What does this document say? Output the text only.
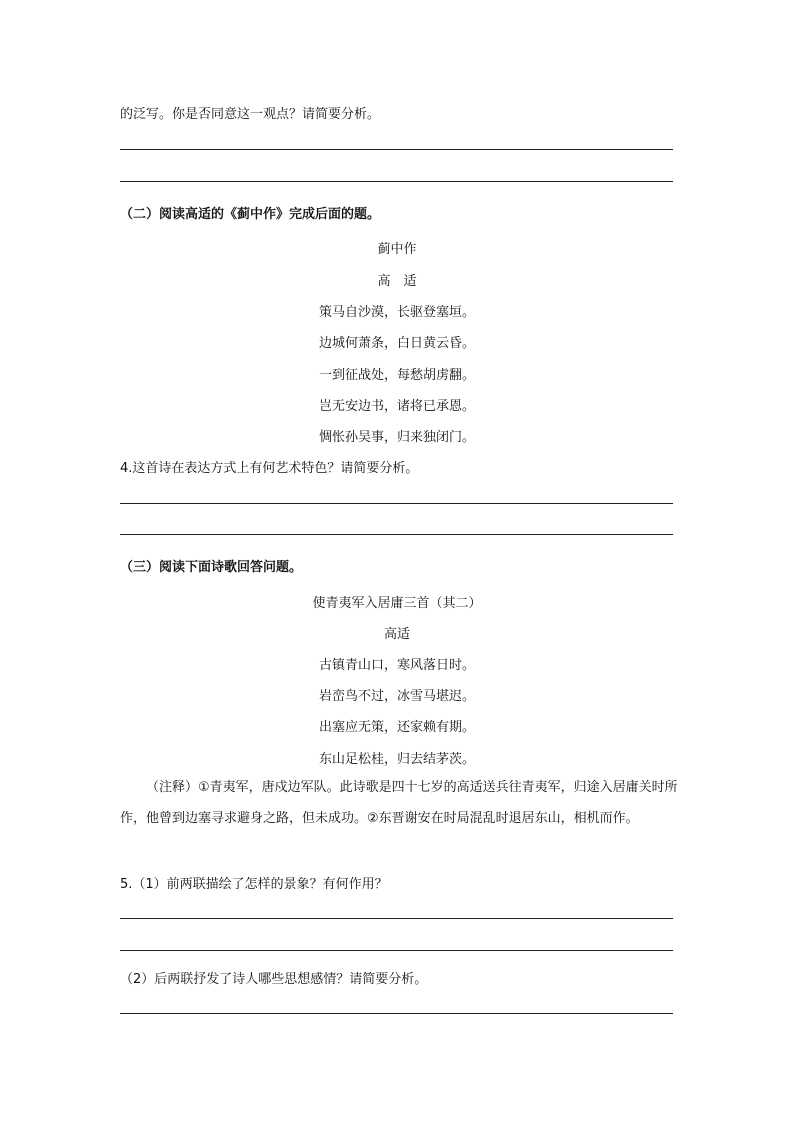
的泛写。你是否同意这一观点？请简要分析。
（二）阅读高适的《蓟中作》完成后面的题。
蓟中作
高　适
策马自沙漠，长驱登塞垣。
边城何萧条，白日黄云昏。
一到征战处，每愁胡虏翻。
岂无安边书，诸将已承恩。
惆怅孙吴事，归来独闭门。
4.这首诗在表达方式上有何艺术特色？请简要分析。
（三）阅读下面诗歌回答问题。
使青夷军入居庸三首（其二）
高适
古镇青山口，寒风落日时。
岩峦鸟不过，冰雪马堪迟。
出塞应无策，还家赖有期。
东山足松桂，归去结茅茨。
（注释）①青夷军，唐戍边军队。此诗歌是四十七岁的高适送兵往青夷军，归途入居庸关时所作，他曾到边塞寻求避身之路，但未成功。②东晋谢安在时局混乱时退居东山，相机而作。
5.（1）前两联描绘了怎样的景象？有何作用？
（2）后两联抒发了诗人哪些思想感情？请简要分析。
